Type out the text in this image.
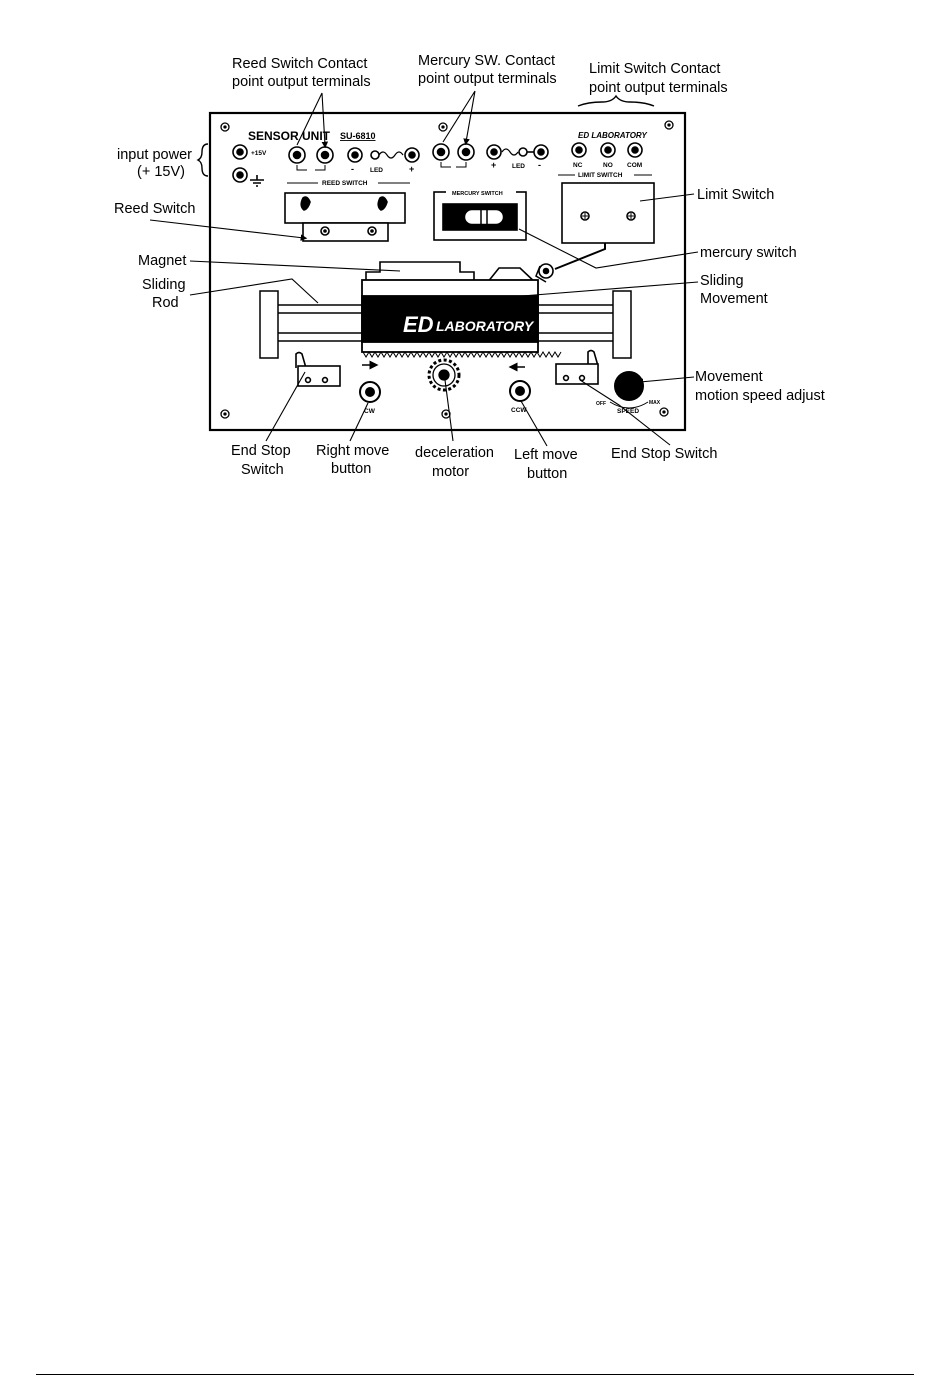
SENSOR UNIT SU-6810	ED LABORATORY
+15V
- LED	+
REED SWITCH
+ LED -
MERCURY SWITCH
NC	NO COM
LIMIT SWITCH
ED LABORATORY
CW	CCW
OFF
SPEED
MAX
Reed Switch Contact
point output terminals
Mercury SW. Contact
point output terminals
Limit Switch Contact
point output terminals
input power
(+ 15V)
Reed Switch
Magnet
Sliding
Rod
Limit Switch
mercury switch
Sliding
Movement
Movement
motion speed adjust
End Stop
Switch
Right move
button
deceleration
motor
Left move
button
End Stop Switch
